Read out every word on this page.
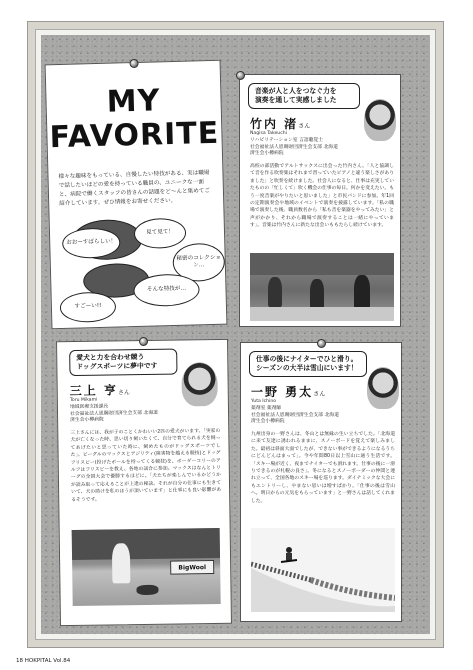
MY
FAVORITE
様々な趣味をもっている、自慢したい特技がある、実は職場で話したいほどの愛を持っている職員の、ユニークな一面と、病院で働くスタッフの皆さんの話題をど〜んと集めてご紹介しています。ぜひ情報をお寄せください。
おおーすばらしい！
見て見て！
秘密のコレクション…
そんな特技が…
すごーい!!
音楽が人と人をつなぐ力を
演奏を通して実感しました
竹内 渚さん
Nagisa Takeuchi
リハビリテーション室 言語聴覚士
社会福祉法人恩賜財団済生会支部 北海道
済生会小樽病院
高校の部活動でアルトサックスに出会った竹内さん。「人と協調して音を作る吹奏楽はそれまで習っていたピアノと違う楽しさがありました」と吹奏を続けました。社会人になると、仕事は充実していたものの「忙しくて」吹く機会の仕事の毎日。何かを変えたい。もう一度音楽がやりたいと思いました」と市民バンドに参加。年1回の定期演奏会や地域のイベントで演奏を披露しています。「私の職場で演奏した後、職員数名から「私も音を楽器をやってみたい」と声がかかり、それから職場で演奏することは一緒にやっています」。音楽は竹内さんに新たな出会いももたらし続けています。
愛犬と力を合わせ競う
ドッグスポーツに夢中です
三上 亨さん
Toru Mikami
地域医療支援課長
社会福祉法人恩賜財団済生会支部 北海道
済生会小樽病院
三上さんには、我が子のことくかわいい2匹の愛犬がいます。「実家の犬が亡くなった時、思い切り飼いたくて、自分で育てられる犬を飼ってあげたいと思っていた時に、飼めたものがドッグスポーツでした」。ビーグルのマックスとアジリティ(障害物を越える競技)とドッグフリスビー(投げたボールを持ってくる競技)を、ボーダーコリーのアルフはフリスビーを教え、各地の試合に参加。マックスはなんとトリーグの全国大会で優勝するほどに。「犬たちが楽しんでいるかどうかが読み取って応えることが上達の秘訣。それが自分の仕事にも生きていて、犬の助けを私のほうが頂いています」と仕事にも良い影響があるそうです。
BigWool
仕事の後にナイターでひと滑り。
シーズンの大半は雪山にいます！
一野 勇太さん
Yuta Ichino
薬剤室 薬剤師
社会福祉法人恩賜財団済生会支部 北海道
済生会小樽病院
九州出身の一野さんは、冬山とは無縁の生い立ちでした。「北海道に来て友達に誘われるままに、スノーボードを覚えて楽しみました。最初は斜面大面でしたが、できない事ができるようになるうちにどんどんはまって」。今や年間80日以上雪山に通う生活です。「スキー場が近く、夜までナイターでも滑れます。仕事の後に一滑りできるのが札幌の良さ」。冬になるとスノーボーダーの仲間と連れ立って、全国各地のスキー場を巡ります。ダイナミックな大会にもエントリーし、やまない思いは増すばかり。「仕事の後は雪山へ。明日からの元気をもらっています」と一野さんは話してくれました。
18 HOKPITAL Vol.84
